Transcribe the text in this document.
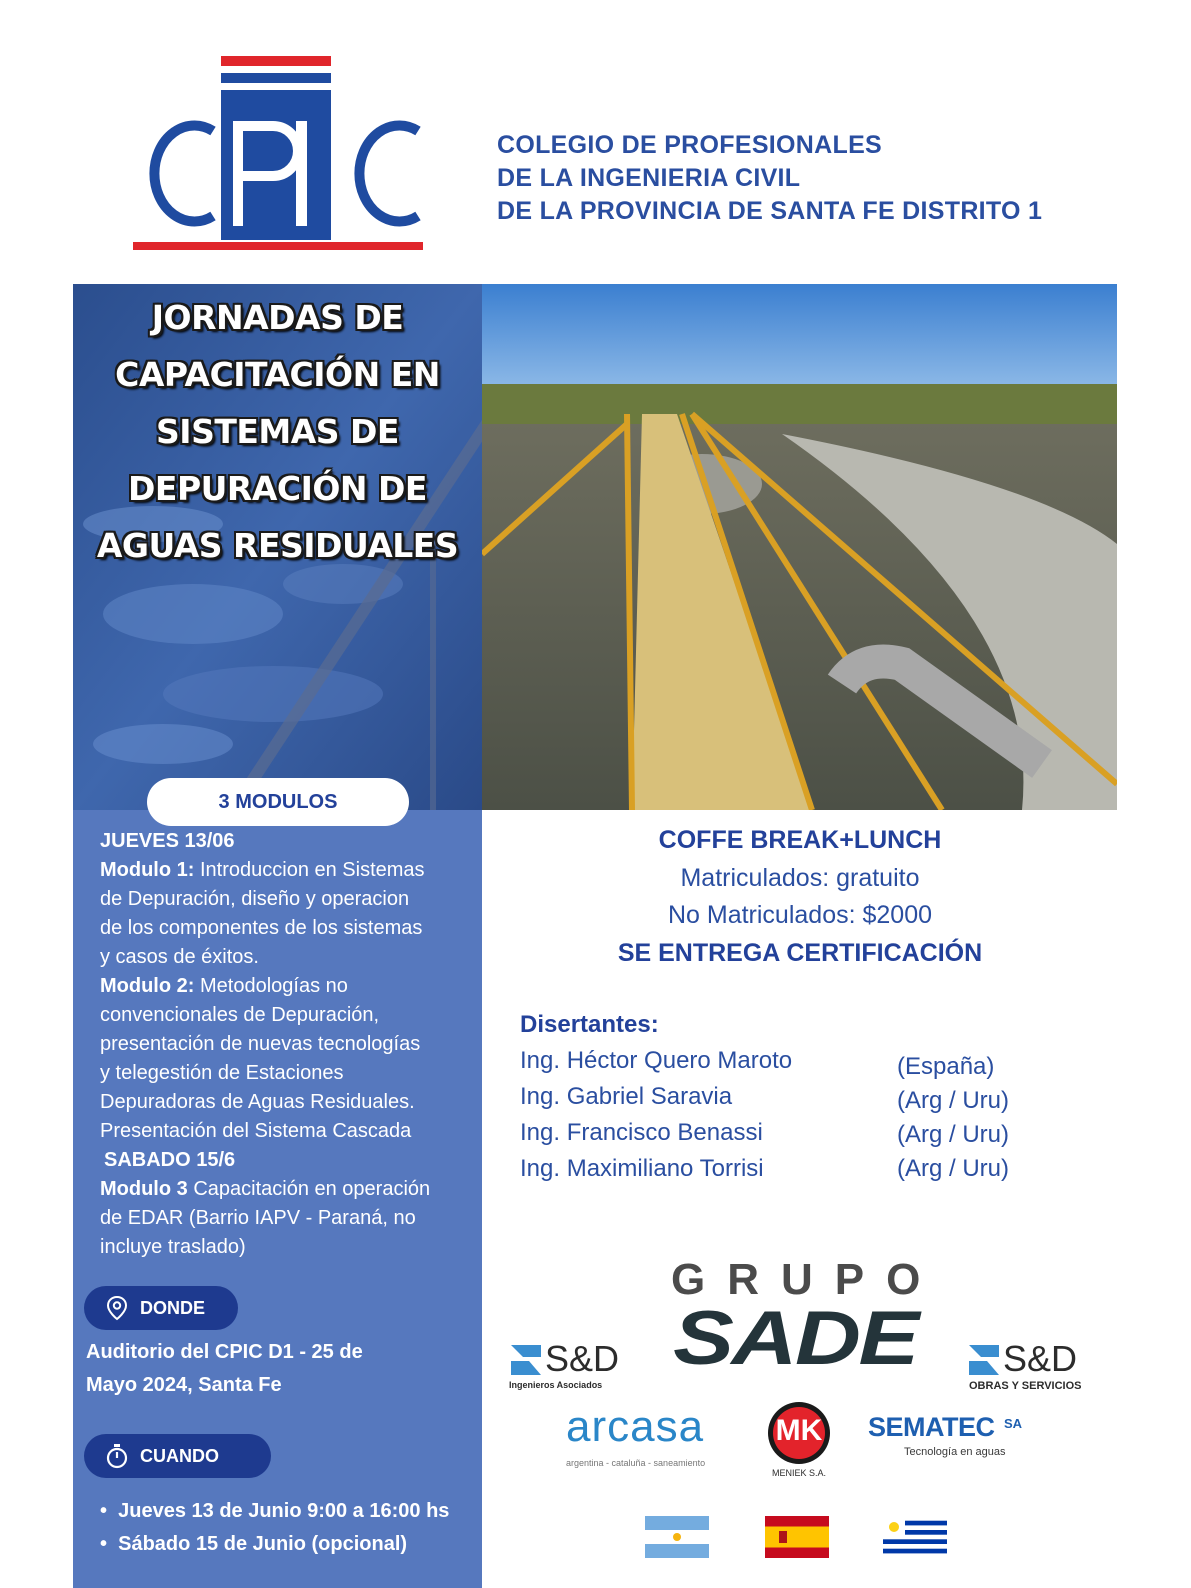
COLEGIO DE PROFESIONALES
DE LA INGENIERIA CIVIL
DE LA PROVINCIA DE SANTA FE DISTRITO 1
JORNADAS DE
CAPACITACIÓN EN
SISTEMAS DE
DEPURACIÓN DE
AGUAS RESIDUALES
3 MODULOS
JUEVES 13/06
Modulo 1: Introduccion en Sistemas
de Depuración, diseño y operacion
de los componentes de los sistemas
y casos de éxitos.
Modulo 2: Metodologías no
convencionales de Depuración,
presentación de nuevas tecnologías
y telegestión de Estaciones
Depuradoras de Aguas Residuales.
Presentación del Sistema Cascada
SABADO 15/6
Modulo 3 Capacitación en operación
de EDAR (Barrio IAPV - Paraná, no
incluye traslado)
DONDE
Auditorio del CPIC D1 - 25 de
Mayo 2024, Santa Fe
CUANDO
•  Jueves 13 de Junio 9:00 a 16:00 hs
•  Sábado 15 de Junio (opcional)
COFFE BREAK+LUNCH
Matriculados: gratuito
No Matriculados: $2000
SE ENTREGA CERTIFICACIÓN
Disertantes:
Ing. Héctor Quero Maroto	(España)
Ing. Gabriel Saravia	(Arg / Uru)
Ing. Francisco Benassi	(Arg / Uru)
Ing. Maximiliano Torrisi	(Arg / Uru)
GRUPO
SADE
S&D
Ingenieros Asociados
S&D
OBRAS Y SERVICIOS
arcasa
argentina - cataluña - saneamiento
MK
MENIEK S.A.
SEMATEC SA
Tecnología en aguas
